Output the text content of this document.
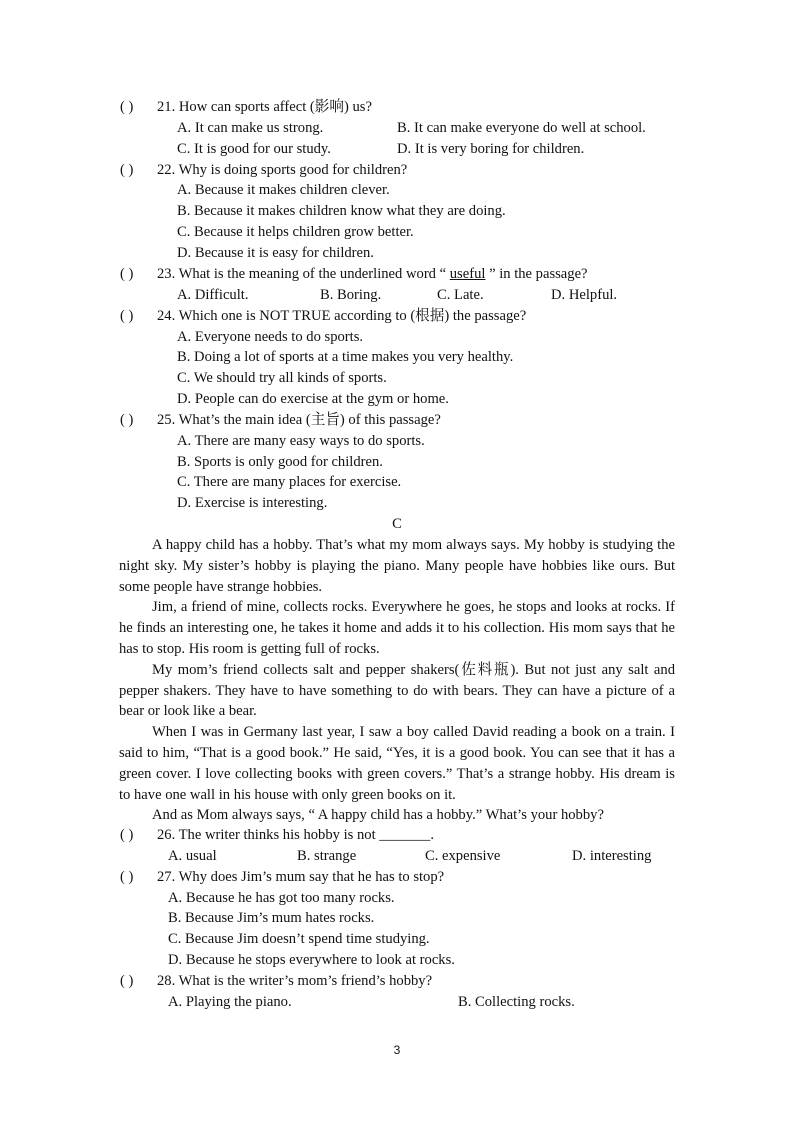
( ) 21. How can sports affect (影响) us?
A. It can make us strong.	B. It can make everyone do well at school.
C. It is good for our study.	D. It is very boring for children.
( ) 22. Why is doing sports good for children?
A. Because it makes children clever.
B. Because it makes children know what they are doing.
C. Because it helps children grow better.
D. Because it is easy for children.
( ) 23. What is the meaning of the underlined word “ useful ” in the passage?
A. Difficult.	B. Boring.	C. Late.	D. Helpful.
( ) 24. Which one is NOT TRUE according to (根据) the passage?
A. Everyone needs to do sports.
B. Doing a lot of sports at a time makes you very healthy.
C. We should try all kinds of sports.
D. People can do exercise at the gym or home.
( ) 25. What’s the main idea (主旨) of this passage?
A. There are many easy ways to do sports.
B. Sports is only good for children.
C. There are many places for exercise.
D. Exercise is interesting.
C

A happy child has a hobby. That’s what my mom always says. My hobby is studying the night sky. My sister’s hobby is playing the piano. Many people have hobbies like ours. But some people have strange hobbies.

Jim, a friend of mine, collects rocks. Everywhere he goes, he stops and looks at rocks. If he finds an interesting one, he takes it home and adds it to his collection. His mom says that he has to stop. His room is getting full of rocks.

My mom’s friend collects salt and pepper shakers(佐料瓶). But not just any salt and pepper shakers. They have to have something to do with bears. They can have a picture of a bear or look like a bear.

When I was in Germany last year, I saw a boy called David reading a book on a train. I said to him, “That is a good book.” He said, “Yes, it is a good book. You can see that it has a green cover. I love collecting books with green covers.” That’s a strange hobby. His dream is to have one wall in his house with only green books on it.

And as Mom always says, “ A happy child has a hobby.” What’s your hobby?

( ) 26. The writer thinks his hobby is not _______.
A. usual	B. strange	C. expensive	D. interesting
( ) 27. Why does Jim’s mum say that he has to stop?
A. Because he has got too many rocks.
B. Because Jim’s mum hates rocks.
C. Because Jim doesn’t spend time studying.
D. Because he stops everywhere to look at rocks.
( ) 28. What is the writer’s mom’s friend’s hobby?
A. Playing the piano.	B. Collecting rocks.
3
